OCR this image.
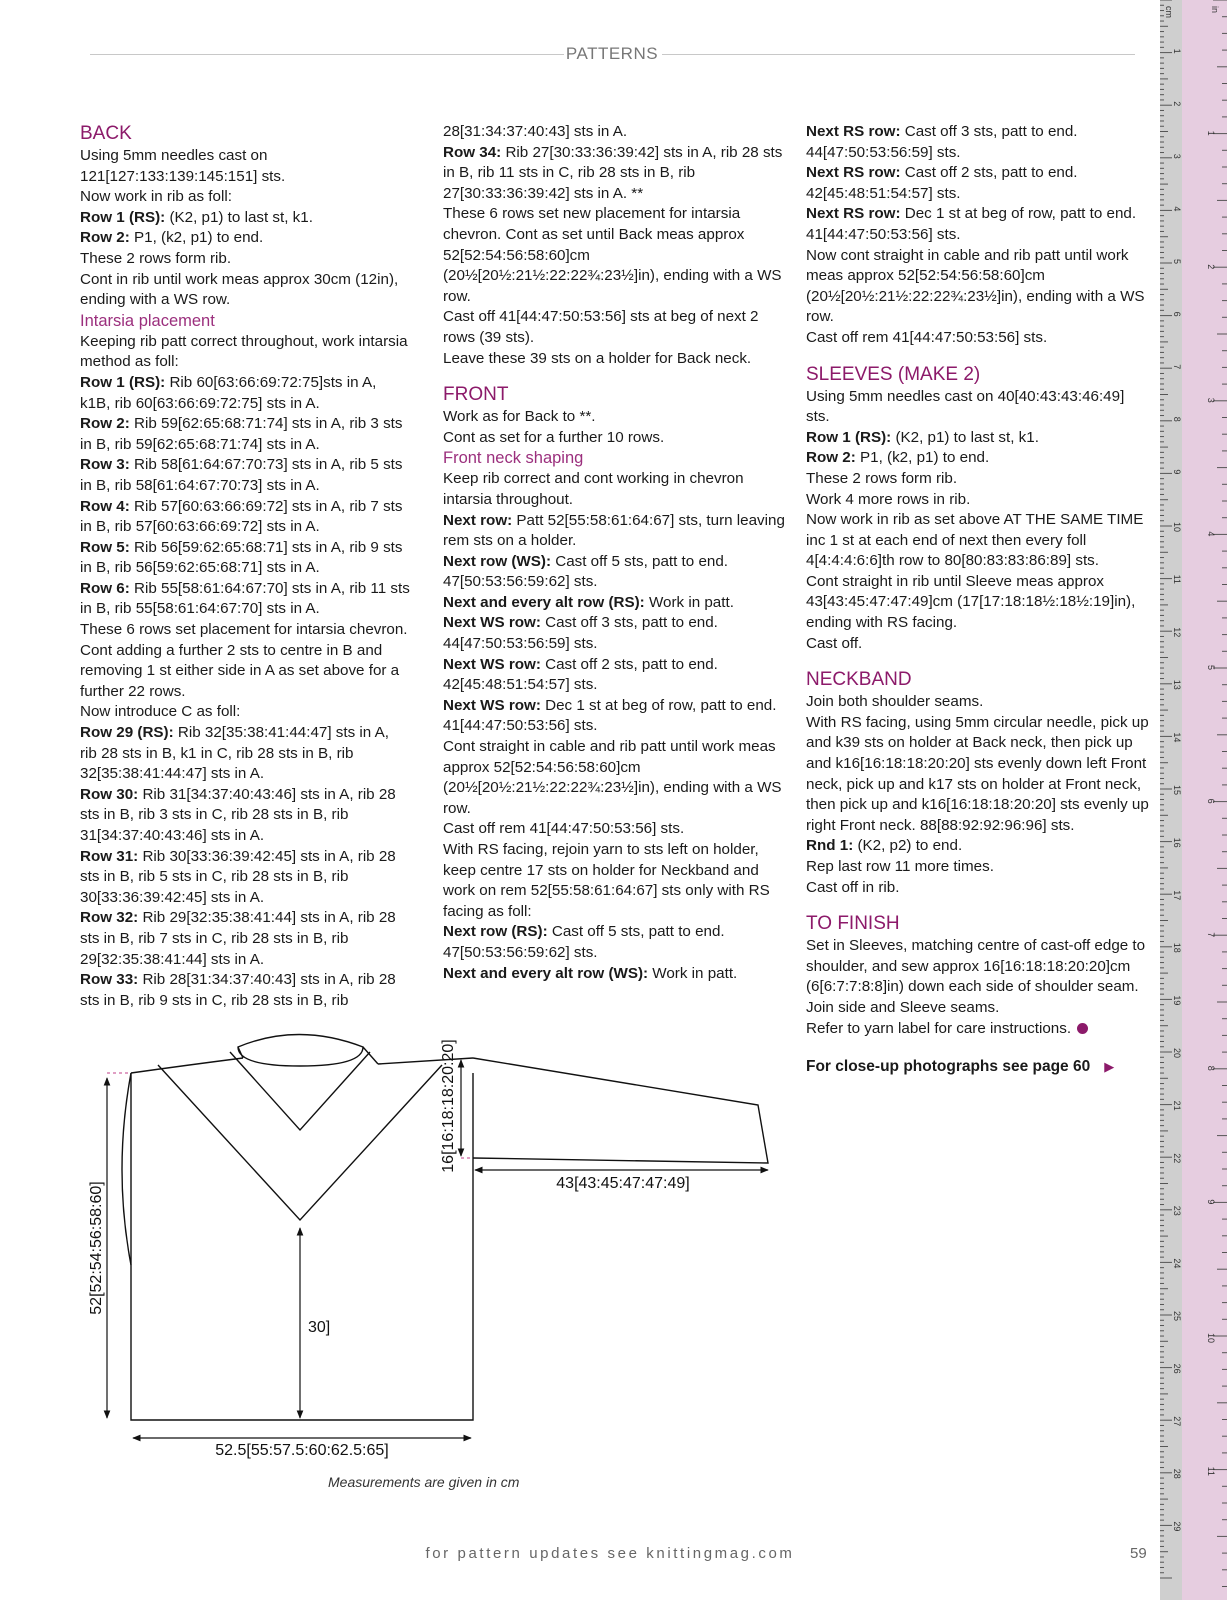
PATTERNS
BACK
Using 5mm needles cast on 121[127:133:139:145:151] sts.
Now work in rib as foll:
Row 1 (RS): (K2, p1) to last st, k1.
Row 2: P1, (k2, p1) to end.
These 2 rows form rib.
Cont in rib until work meas approx 30cm (12in), ending with a WS row.
Intarsia placement
Keeping rib patt correct throughout, work intarsia method as foll:
Row 1 (RS): Rib 60[63:66:69:72:75]sts in A, k1B, rib 60[63:66:69:72:75] sts in A.
Row 2: Rib 59[62:65:68:71:74] sts in A, rib 3 sts in B, rib 59[62:65:68:71:74] sts in A.
Row 3: Rib 58[61:64:67:70:73] sts in A, rib 5 sts in B, rib 58[61:64:67:70:73] sts in A.
Row 4: Rib 57[60:63:66:69:72] sts in A, rib 7 sts in B, rib 57[60:63:66:69:72] sts in A.
Row 5: Rib 56[59:62:65:68:71] sts in A, rib 9 sts in B, rib 56[59:62:65:68:71] sts in A.
Row 6: Rib 55[58:61:64:67:70] sts in A, rib 11 sts in B, rib 55[58:61:64:67:70] sts in A.
These 6 rows set placement for intarsia chevron. Cont adding a further 2 sts to centre in B and removing 1 st either side in A as set above for a further 22 rows.
Now introduce C as foll:
Row 29 (RS): Rib 32[35:38:41:44:47] sts in A, rib 28 sts in B, k1 in C, rib 28 sts in B, rib 32[35:38:41:44:47] sts in A.
Row 30: Rib 31[34:37:40:43:46] sts in A, rib 28 sts in B, rib 3 sts in C, rib 28 sts in B, rib 31[34:37:40:43:46] sts in A.
Row 31: Rib 30[33:36:39:42:45] sts in A, rib 28 sts in B, rib 5 sts in C, rib 28 sts in B, rib 30[33:36:39:42:45] sts in A.
Row 32: Rib 29[32:35:38:41:44] sts in A, rib 28 sts in B, rib 7 sts in C, rib 28 sts in B, rib 29[32:35:38:41:44] sts in A.
Row 33: Rib 28[31:34:37:40:43] sts in A, rib 28 sts in B, rib 9 sts in C, rib 28 sts in B, rib
28[31:34:37:40:43] sts in A.
Row 34: Rib 27[30:33:36:39:42] sts in A, rib 28 sts in B, rib 11 sts in C, rib 28 sts in B, rib 27[30:33:36:39:42] sts in A. **
These 6 rows set new placement for intarsia chevron. Cont as set until Back meas approx 52[52:54:56:58:60]cm (20½[20½:21½:22:22¾:23½]in), ending with a WS row.
Cast off 41[44:47:50:53:56] sts at beg of next 2 rows (39 sts).
Leave these 39 sts on a holder for Back neck.
FRONT
Work as for Back to **.
Cont as set for a further 10 rows.
Front neck shaping
Keep rib correct and cont working in chevron intarsia throughout.
Next row: Patt 52[55:58:61:64:67] sts, turn leaving rem sts on a holder.
Next row (WS): Cast off 5 sts, patt to end. 47[50:53:56:59:62] sts.
Next and every alt row (RS): Work in patt.
Next WS row: Cast off 3 sts, patt to end. 44[47:50:53:56:59] sts.
Next WS row: Cast off 2 sts, patt to end. 42[45:48:51:54:57] sts.
Next WS row: Dec 1 st at beg of row, patt to end. 41[44:47:50:53:56] sts.
Cont straight in cable and rib patt until work meas approx 52[52:54:56:58:60]cm (20½[20½:21½:22:22¾:23½]in), ending with a WS row.
Cast off rem 41[44:47:50:53:56] sts.
With RS facing, rejoin yarn to sts left on holder, keep centre 17 sts on holder for Neckband and work on rem 52[55:58:61:64:67] sts only with RS facing as foll:
Next row (RS): Cast off 5 sts, patt to end. 47[50:53:56:59:62] sts.
Next and every alt row (WS): Work in patt.
Next RS row: Cast off 3 sts, patt to end. 44[47:50:53:56:59] sts.
Next RS row: Cast off 2 sts, patt to end. 42[45:48:51:54:57] sts.
Next RS row: Dec 1 st at beg of row, patt to end. 41[44:47:50:53:56] sts.
Now cont straight in cable and rib patt until work meas approx 52[52:54:56:58:60]cm (20½[20½:21½:22:22¾:23½]in), ending with a WS row.
Cast off rem 41[44:47:50:53:56] sts.
SLEEVES (MAKE 2)
Using 5mm needles cast on 40[40:43:43:46:49] sts.
Row 1 (RS): (K2, p1) to last st, k1.
Row 2: P1, (k2, p1) to end.
These 2 rows form rib.
Work 4 more rows in rib.
Now work in rib as set above AT THE SAME TIME inc 1 st at each end of next then every foll 4[4:4:4:6:6]th row to 80[80:83:83:86:89] sts.
Cont straight in rib until Sleeve meas approx 43[43:45:47:47:49]cm (17[17:18:18½:18½:19]in), ending with RS facing.
Cast off.
NECKBAND
Join both shoulder seams.
With RS facing, using 5mm circular needle, pick up and k39 sts on holder at Back neck, then pick up and k16[16:18:18:20:20] sts evenly down left Front neck, pick up and k17 sts on holder at Front neck, then pick up and k16[16:18:18:20:20] sts evenly up right Front neck. 88[88:92:92:96:96] sts.
Rnd 1: (K2, p2) to end.
Rep last row 11 more times.
Cast off in rib.
TO FINISH
Set in Sleeves, matching centre of cast-off edge to shoulder, and sew approx 16[16:18:18:20:20]cm (6[6:7:7:8:8]in) down each side of shoulder seam.
Join side and Sleeve seams.
Refer to yarn label for care instructions.
For close-up photographs see page 60 ▶
52[52:54:56:58:60]
16[16:18:18:20:20]
43[43:45:47:47:49]
30]
52.5[55:57.5:60:62.5:65]
Measurements are given in cm
for pattern updates see knittingmag.com	59
cm	in
1
2
3
4
5
6
7
8
9
10
11
12
13
14
15
16
17
18
19
20
21
22
23
24
25
26
27
28
29
1
2
3
4
5
6
7
8
9
10
11
